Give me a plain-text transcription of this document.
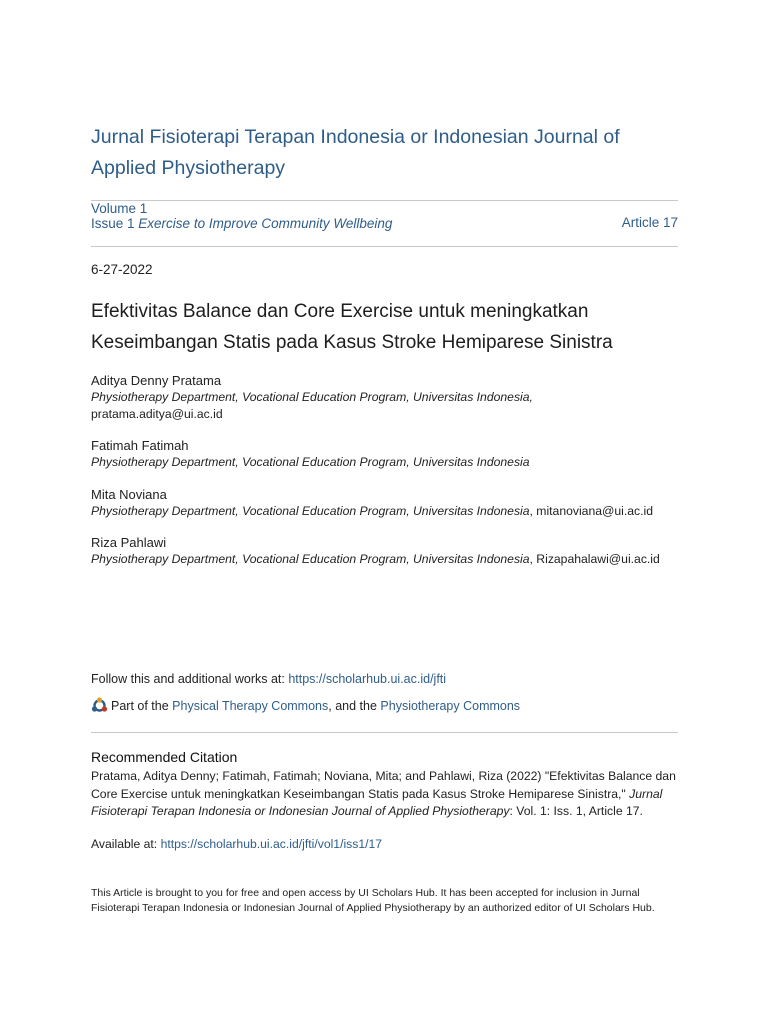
Jurnal Fisioterapi Terapan Indonesia or Indonesian Journal of Applied Physiotherapy
Volume 1
Issue 1 Exercise to Improve Community Wellbeing	Article 17
6-27-2022
Efektivitas Balance dan Core Exercise untuk meningkatkan Keseimbangan Statis pada Kasus Stroke Hemiparese Sinistra
Aditya Denny Pratama
Physiotherapy Department, Vocational Education Program, Universitas Indonesia,
pratama.aditya@ui.ac.id
Fatimah Fatimah
Physiotherapy Department, Vocational Education Program, Universitas Indonesia
Mita Noviana
Physiotherapy Department, Vocational Education Program, Universitas Indonesia, mitanoviana@ui.ac.id
Riza Pahlawi
Physiotherapy Department, Vocational Education Program, Universitas Indonesia, Rizapahalawi@ui.ac.id
Follow this and additional works at: https://scholarhub.ui.ac.id/jfti
Part of the
Physical Therapy Commons , and the
Physiotherapy Commons
Recommended Citation
Pratama, Aditya Denny; Fatimah, Fatimah; Noviana, Mita; and Pahlawi, Riza (2022) "Efektivitas Balance dan Core Exercise untuk meningkatkan Keseimbangan Statis pada Kasus Stroke Hemiparese Sinistra," Jurnal Fisioterapi Terapan Indonesia or Indonesian Journal of Applied Physiotherapy: Vol. 1: Iss. 1, Article 17.
Available at: https://scholarhub.ui.ac.id/jfti/vol1/iss1/17
This Article is brought to you for free and open access by UI Scholars Hub. It has been accepted for inclusion in Jurnal Fisioterapi Terapan Indonesia or Indonesian Journal of Applied Physiotherapy by an authorized editor of UI Scholars Hub.
